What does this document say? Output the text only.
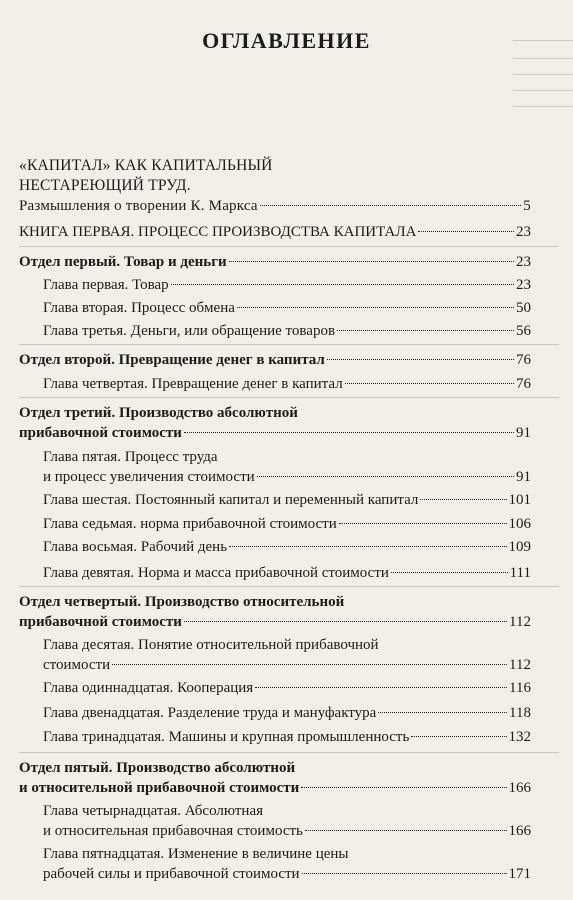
ОГЛАВЛЕНИЕ
«КАПИТАЛ» КАК КАПИТАЛЬНЫЙ
НЕСТАРЕЮЩИЙ ТРУД.
Размышления о творении К. Маркса	5
КНИГА ПЕРВАЯ. ПРОЦЕСС ПРОИЗВОДСТВА КАПИТАЛА	23
Отдел первый. Товар и деньги	23
Глава первая. Товар	23
Глава вторая. Процесс обмена	50
Глава третья. Деньги, или обращение товаров	56
Отдел второй. Превращение денег в капитал	76
Глава четвертая. Превращение денег в капитал	76
Отдел третий. Производство абсолютной
прибавочной стоимости	91
Глава пятая. Процесс труда
и процесс увеличения стоимости	91
Глава шестая. Постоянный капитал и переменный капитал	101
Глава седьмая. норма прибавочной стоимости	106
Глава восьмая. Рабочий день	109
Глава девятая. Норма и масса прибавочной стоимости	111
Отдел четвертый. Производство относительной
прибавочной стоимости	112
Глава десятая. Понятие относительной прибавочной
стоимости	112
Глава одиннадцатая. Кооперация	116
Глава двенадцатая. Разделение труда и мануфактура	118
Глава тринадцатая. Машины и крупная промышленность	132
Отдел пятый. Производство абсолютной
и относительной прибавочной стоимости	166
Глава четырнадцатая. Абсолютная
и относительная прибавочная стоимость	166
Глава пятнадцатая. Изменение в величине цены
рабочей силы и прибавочной стоимости	171
